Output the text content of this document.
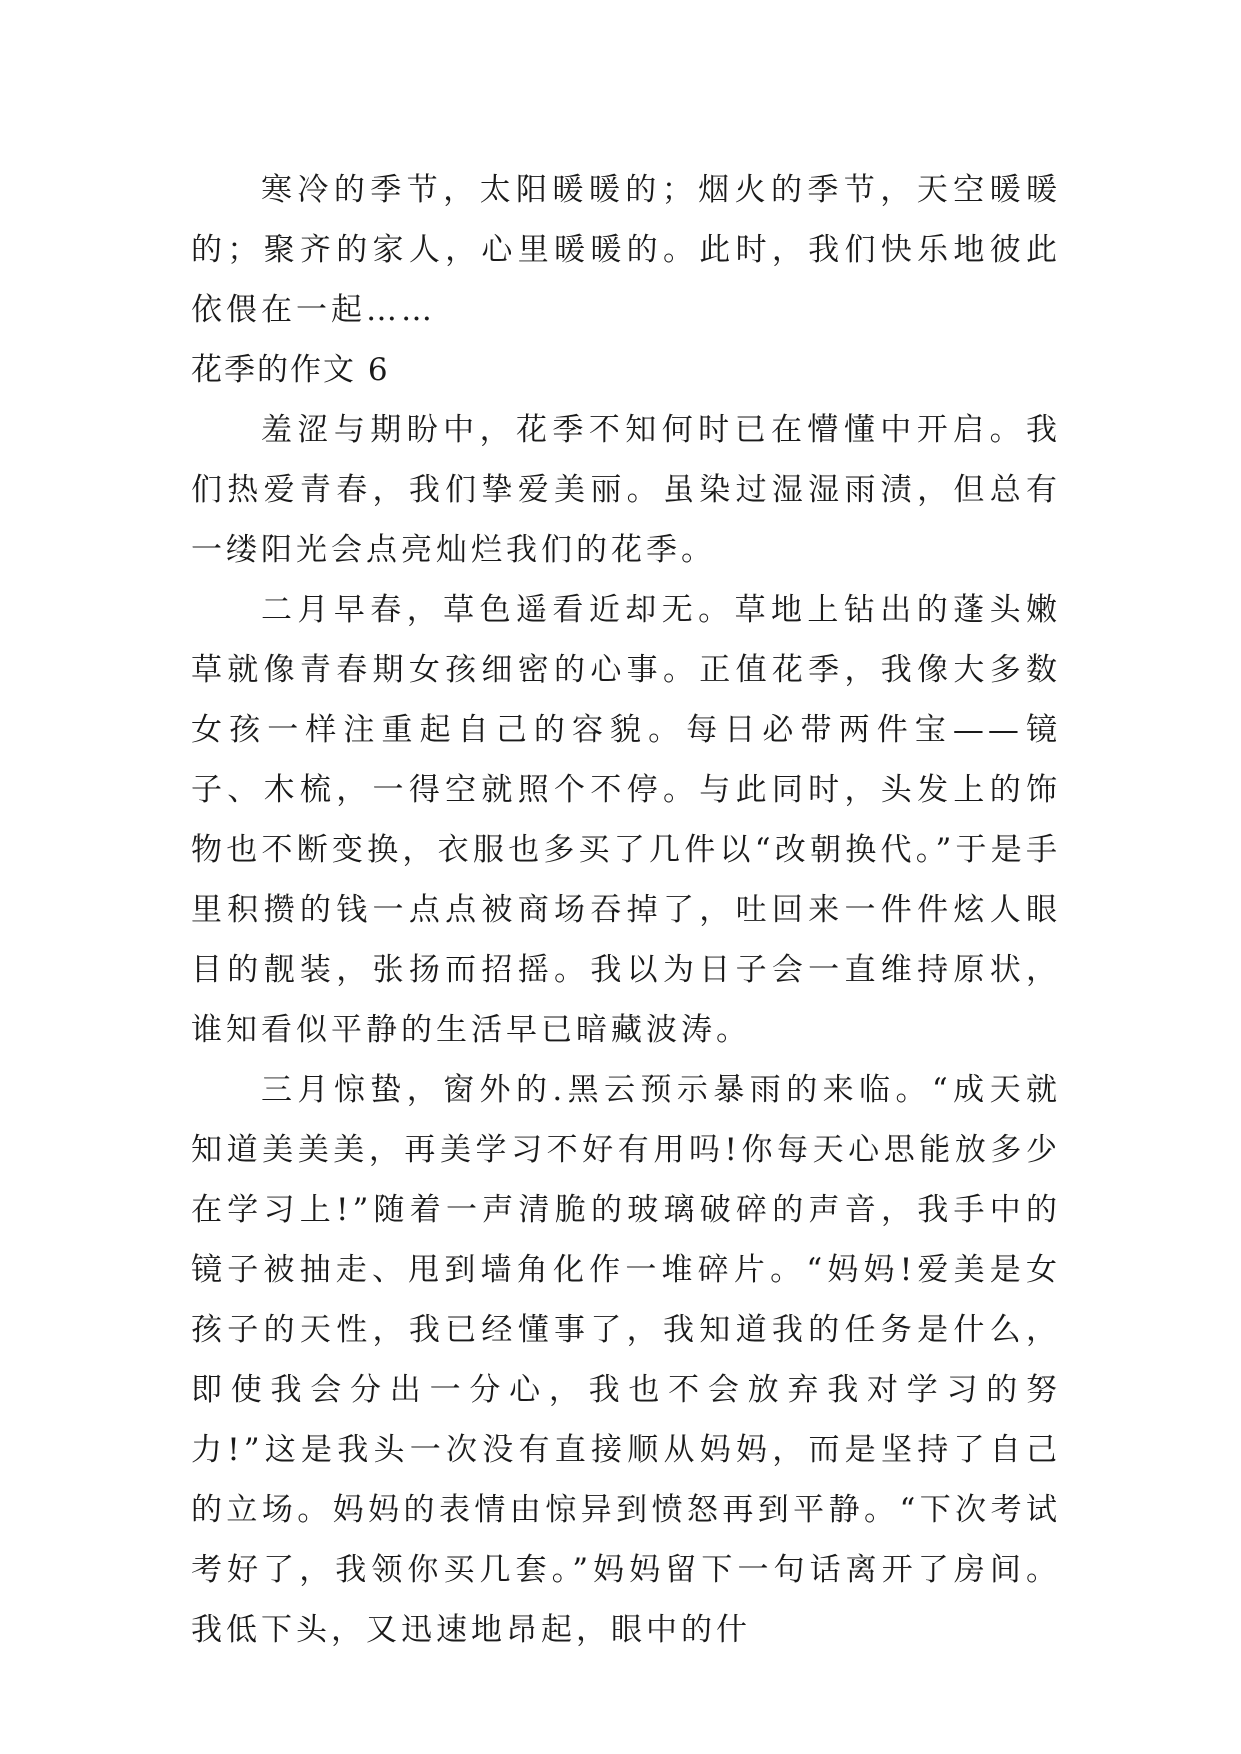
寒冷的季节，太阳暖暖的；烟火的季节，天空暖暖的；聚齐的家人，心里暖暖的。此时，我们快乐地彼此依偎在一起……

花季的作文 6

羞涩与期盼中，花季不知何时已在懵懂中开启。我们热爱青春，我们挚爱美丽。虽染过湿湿雨渍，但总有一缕阳光会点亮灿烂我们的花季。

二月早春，草色遥看近却无。草地上钻出的蓬头嫩草就像青春期女孩细密的心事。正值花季，我像大多数女孩一样注重起自己的容貌。每日必带两件宝——镜子、木梳，一得空就照个不停。与此同时，头发上的饰物也不断变换，衣服也多买了几件以“改朝换代。”于是手里积攒的钱一点点被商场吞掉了，吐回来一件件炫人眼目的靓装，张扬而招摇。我以为日子会一直维持原状，谁知看似平静的生活早已暗藏波涛。

三月惊蛰，窗外的.黑云预示暴雨的来临。“成天就知道美美美，再美学习不好有用吗!你每天心思能放多少在学习上!”随着一声清脆的玻璃破碎的声音，我手中的镜子被抽走、甩到墙角化作一堆碎片。“妈妈!爱美是女孩子的天性，我已经懂事了，我知道我的任务是什么，即使我会分出一分心，我也不会放弃我对学习的努力!”这是我头一次没有直接顺从妈妈，而是坚持了自己的立场。妈妈的表情由惊异到愤怒再到平静。“下次考试考好了，我领你买几套。”妈妈留下一句话离开了房间。我低下头，又迅速地昂起，眼中的什
